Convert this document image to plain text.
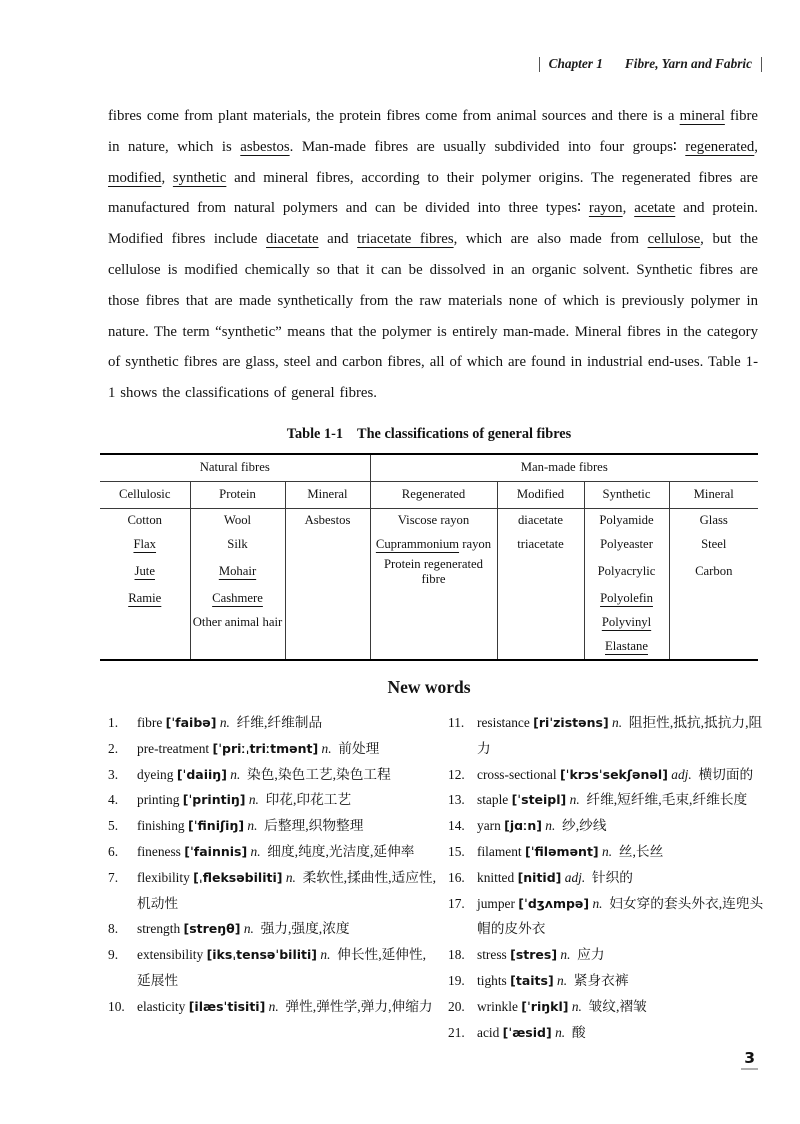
Chapter 1 Fibre, Yarn and Fabric

fibres come from plant materials, the protein fibres come from animal sources and there is a mineral fibre in nature, which is asbestos. Man-made fibres are usually subdivided into four groups∶ regenerated, modified, synthetic and mineral fibres, according to their polymer origins. The regenerated fibres are manufactured from natural polymers and can be divided into three types∶ rayon, acetate and protein. Modified fibres include diacetate and triacetate fibres, which are also made from cellulose, but the cellulose is modified chemically so that it can be dissolved in an organic solvent. Synthetic fibres are those fibres that are made synthetically from the raw materials none of which is previously polymer in nature. The term “synthetic” means that the polymer is entirely man-made. Mineral fibres in the category of synthetic fibres are glass, steel and carbon fibres, all of which are found in industrial end-uses. Table 1-1 shows the classifications of general fibres.

Table 1-1 The classifications of general fibres
Natural fibres			Man-made fibres			
Cellulosic	Protein	Mineral	Regenerated	Modified	Synthetic	Mineral
Cotton	Wool	Asbestos	Viscose rayon	diacetate	Polyamide	Glass
Flax	Silk		Cuprammonium rayon	triacetate	Polyeaster	Steel
Jute	Mohair		Protein regenerated fibre		Polyacrylic	Carbon
Ramie	Cashmere				Polyolefin	
	Other animal hair				Polyvinyl	
					Elastane	
New words
1.	fibre [ˈfaibə] n. 纤维,纤维制品
2.	pre-treatment [ˈpriːˌtriːtmənt] n. 前处理
3.	dyeing [ˈdaiiŋ] n. 染色,染色工艺,染色工程
4.	printing [ˈprintiŋ] n. 印花,印花工艺
5.	finishing [ˈfiniʃiŋ] n. 后整理,织物整理
6.	fineness [ˈfainnis] n. 细度,纯度,光洁度,延伸率
7.	flexibility [ˌfleksəbiliti] n. 柔软性,揉曲性,适应性,机动性
8.	strength [streŋθ] n. 强力,强度,浓度
9.	extensibility [iksˌtensəˈbiliti] n. 伸长性,延伸性,延展性
10. elasticity [ilæsˈtisiti] n. 弹性,弹性学,弹力,伸缩力
11. resistance [riˈzistəns] n. 阻拒性,抵抗,抵抗力,阻力
12. cross-sectional [ˈkrɔsˈsekʃənəl] adj. 横切面的
13. staple [ˈsteipl] n. 纤维,短纤维,毛束,纤维长度
14. yarn [jɑːn] n. 纱,纱线
15. filament [ˈfiləmənt] n. 丝,长丝
16. knitted [nitid] adj. 针织的
17. jumper [ˈdʒʌmpə] n. 妇女穿的套头外衣,连兜头帽的皮外衣
18. stress [stres] n. 应力
19. tights [taits] n. 紧身衣裤
20. wrinkle [ˈriŋkl] n. 皱纹,褶皱
21. acid [ˈæsid] n. 酸
3
